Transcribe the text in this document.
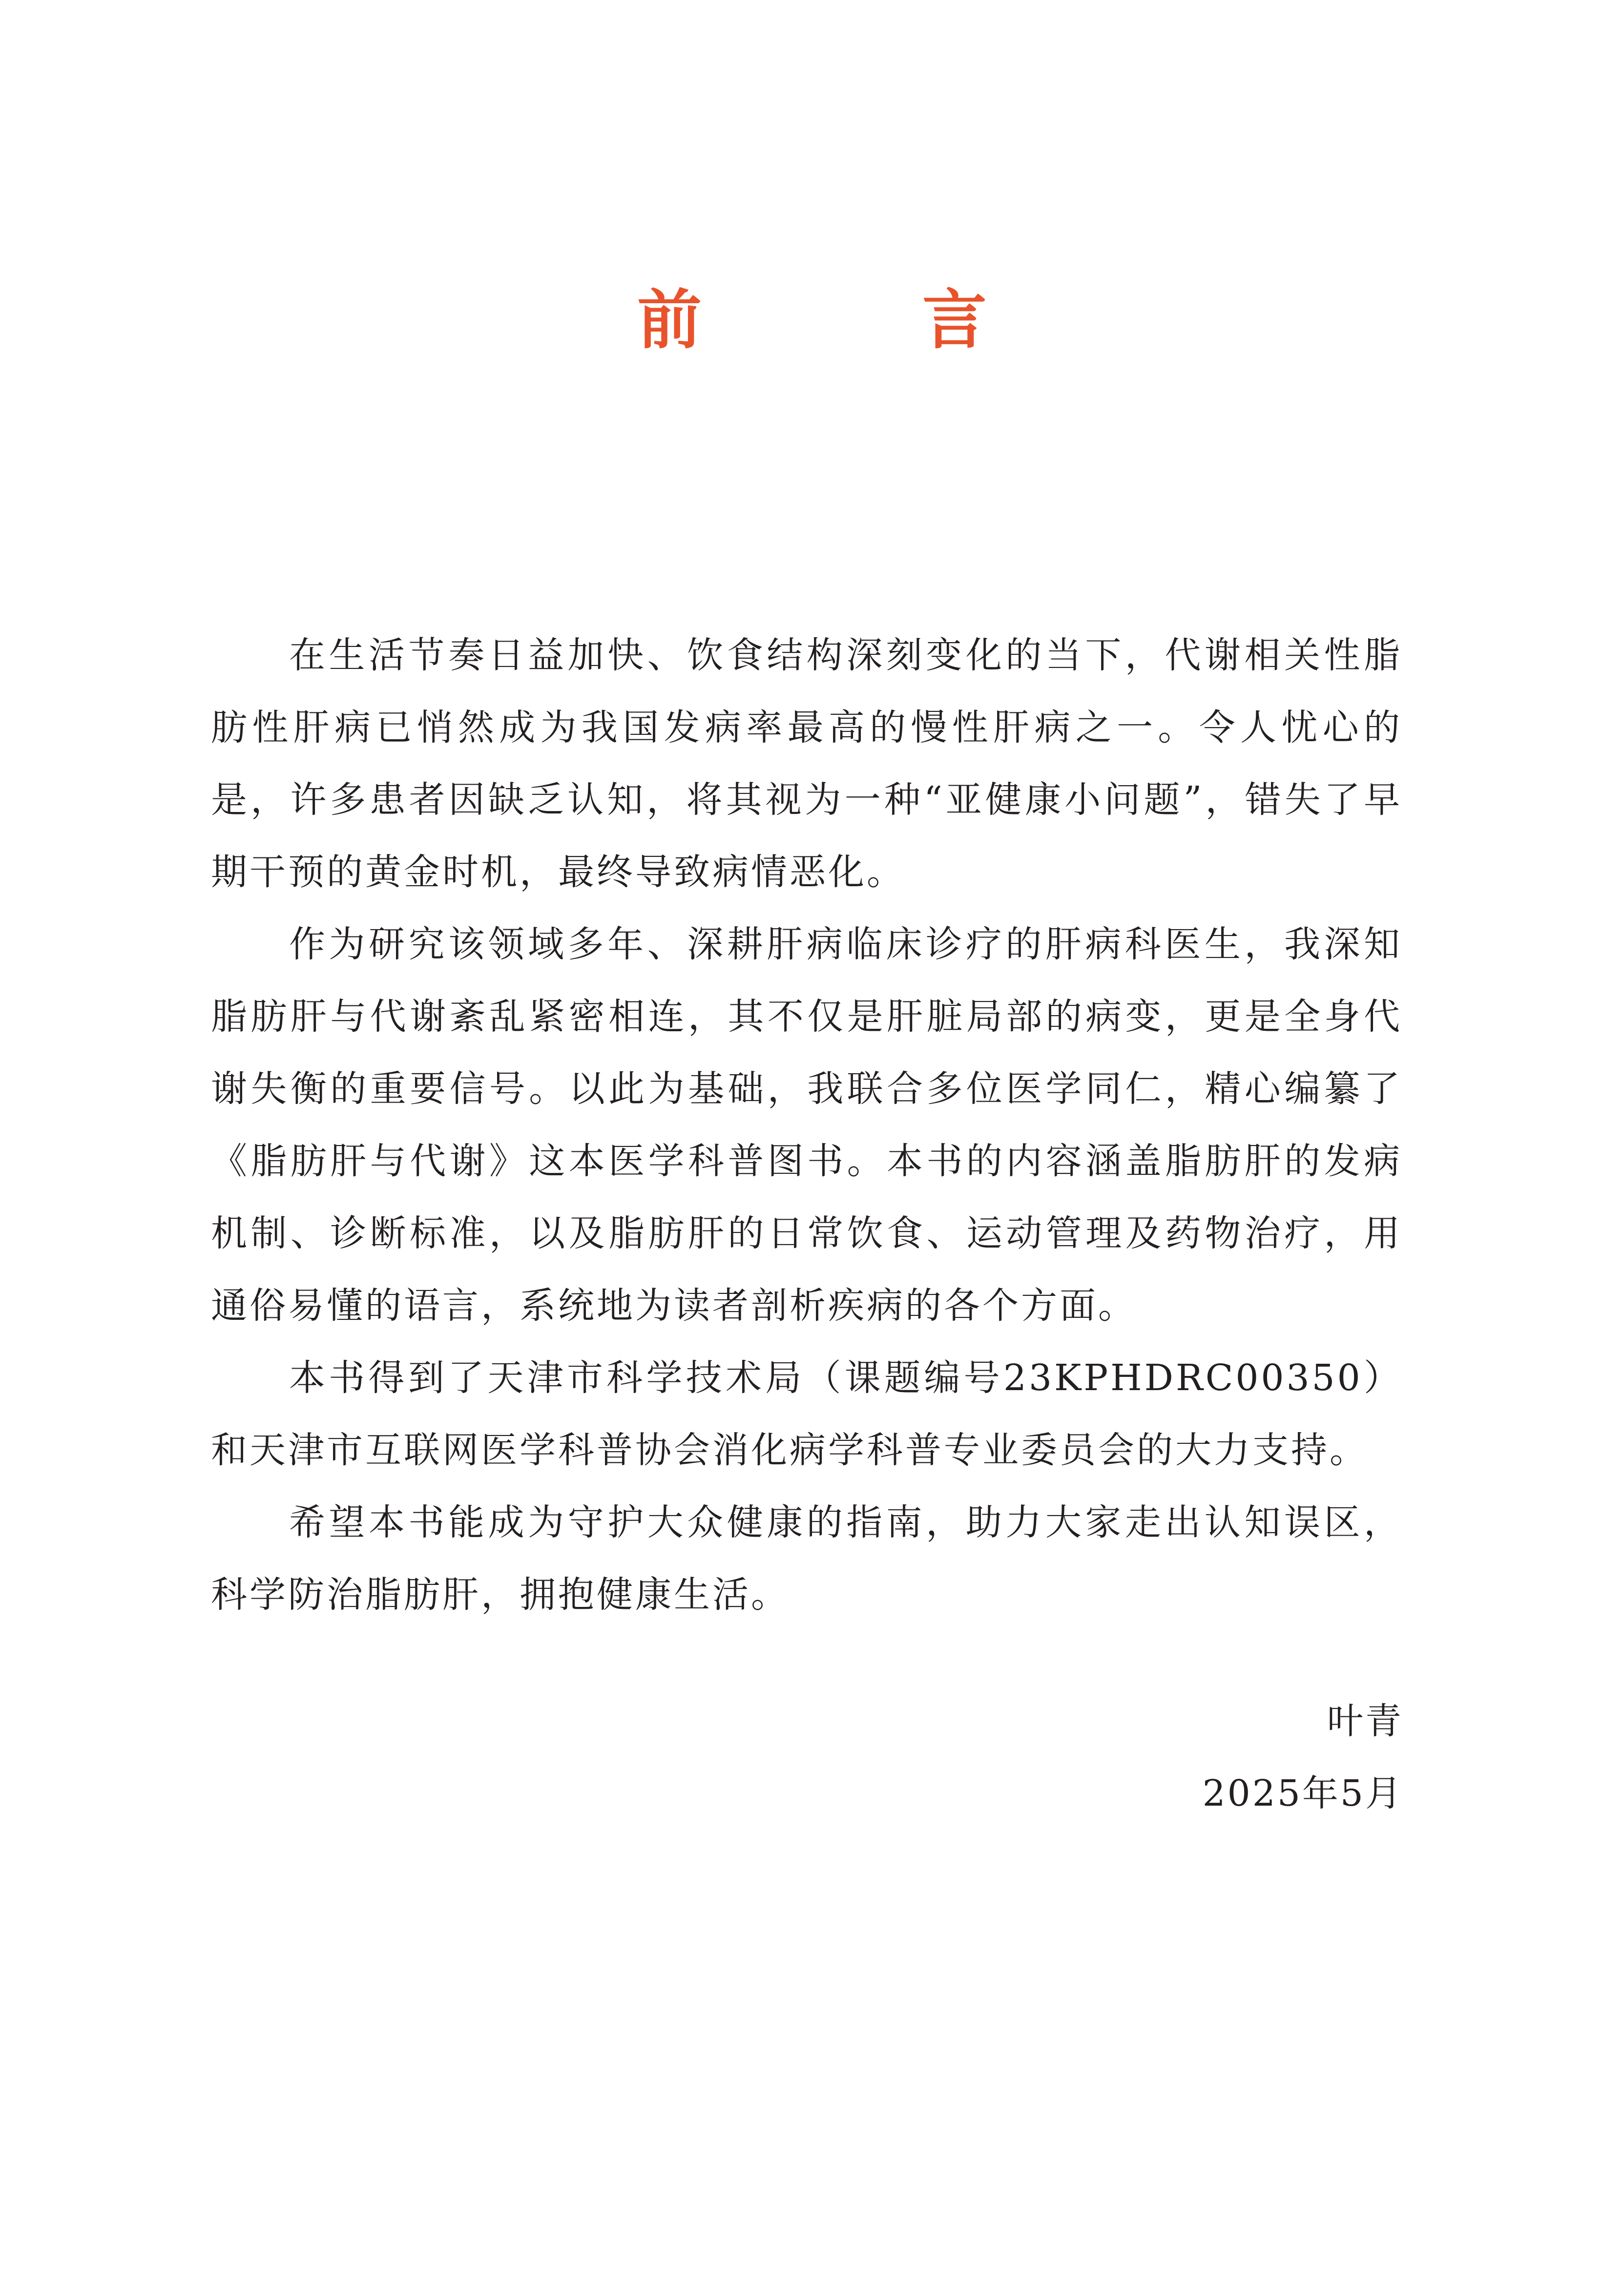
前　言

在生活节奏日益加快、饮食结构深刻变化的当下，代谢相关性脂肪性肝病已悄然成为我国发病率最高的慢性肝病之一。令人忧心的是，许多患者因缺乏认知，将其视为一种“亚健康小问题”，错失了早期干预的黄金时机，最终导致病情恶化。

作为研究该领域多年、深耕肝病临床诊疗的肝病科医生，我深知脂肪肝与代谢紊乱紧密相连，其不仅是肝脏局部的病变，更是全身代谢失衡的重要信号。以此为基础，我联合多位医学同仁，精心编纂了《脂肪肝与代谢》这本医学科普图书。本书的内容涵盖脂肪肝的发病机制、诊断标准，以及脂肪肝的日常饮食、运动管理及药物治疗，用通俗易懂的语言，系统地为读者剖析疾病的各个方面。

本书得到了天津市科学技术局（课题编号23KPHDRC00350）和天津市互联网医学科普协会消化病学科普专业委员会的大力支持。

希望本书能成为守护大众健康的指南，助力大家走出认知误区，科学防治脂肪肝，拥抱健康生活。

叶青
2025年5月
